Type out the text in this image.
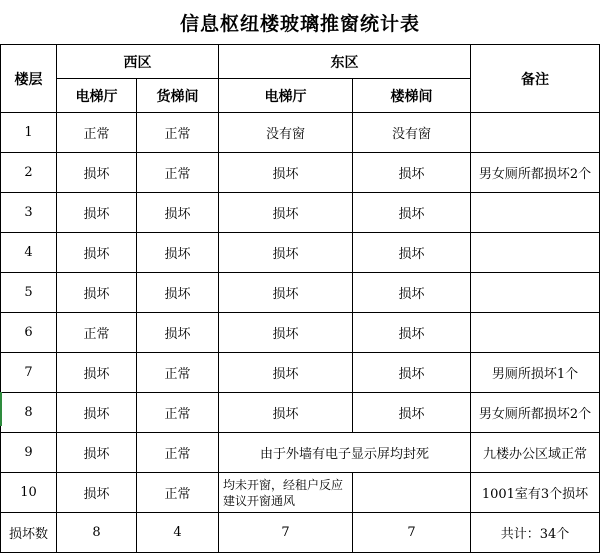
信息枢纽楼玻璃推窗统计表
楼层	西区		东区		备注
	电梯厅	货梯间	电梯厅	楼梯间	
1	正常	正常	没有窗	没有窗	
2	损坏	正常	损坏	损坏	男女厕所都损坏2个
3	损坏	损坏	损坏	损坏	
4	损坏	损坏	损坏	损坏	
5	损坏	损坏	损坏	损坏	
6	正常	损坏	损坏	损坏	
7	损坏	正常	损坏	损坏	男厕所损坏1个
8	损坏	正常	损坏	损坏	男女厕所都损坏2个
9	损坏	正常	由于外墙有电子显示屏均封死		九楼办公区域正常
10	损坏	正常	均未开窗，经租户反应建议开窗通风		1001室有3个损坏
损坏数	8	4	7	7	共计：34个
